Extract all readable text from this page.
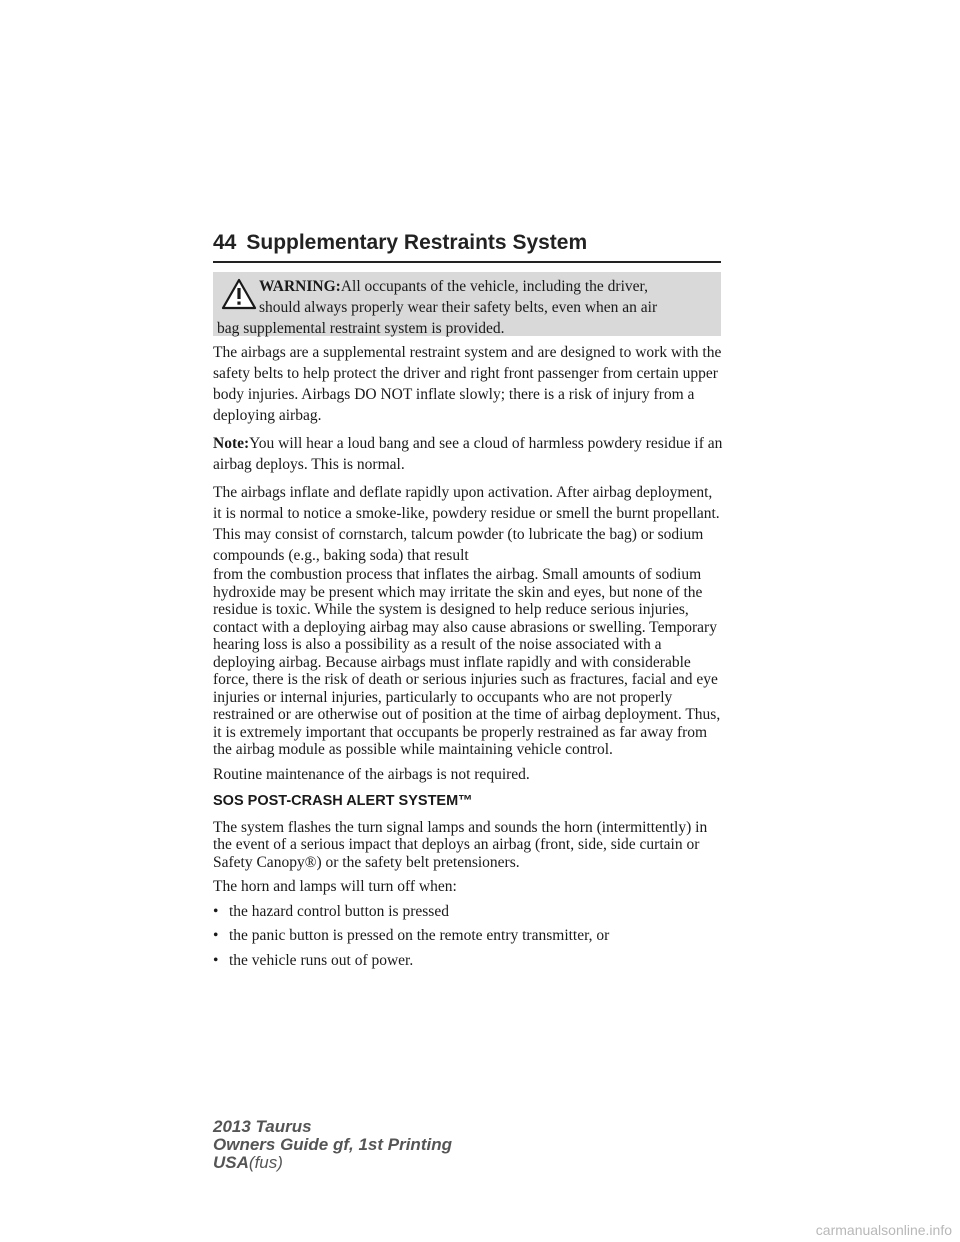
44 Supplementary Restraints System
WARNING:All occupants of the vehicle, including the driver,
should always properly wear their safety belts, even when an air
bag supplemental restraint system is provided.

The airbags are a supplemental restraint system and are designed to work with the safety belts to help protect the driver and right front passenger from certain upper body injuries. Airbags DO NOT inflate slowly; there is a risk of injury from a deploying airbag.

Note:You will hear a loud bang and see a cloud of harmless powdery residue if an airbag deploys. This is normal.

The airbags inflate and deflate rapidly upon activation. After airbag deployment, it is normal to notice a smoke-like, powdery residue or smell the burnt propellant. This may consist of cornstarch, talcum powder (to lubricate the bag) or sodium compounds (e.g., baking soda) that result
from the combustion process that inflates the airbag. Small amounts of sodium hydroxide may be present which may irritate the skin and eyes, but none of the residue is toxic. While the system is designed to help reduce serious injuries, contact with a deploying airbag may also cause abrasions or swelling. Temporary hearing loss is also a possibility as a result of the noise associated with a deploying airbag. Because airbags must inflate rapidly and with considerable force, there is the risk of death or serious injuries such as fractures, facial and eye injuries or internal injuries, particularly to occupants who are not properly restrained or are otherwise out of position at the time of airbag deployment. Thus, it is extremely important that occupants be properly restrained as far away from the airbag module as possible while maintaining vehicle control.

Routine maintenance of the airbags is not required.

SOS POST-CRASH ALERT SYSTEM™

The system flashes the turn signal lamps and sounds the horn (intermittently) in the event of a serious impact that deploys an airbag (front, side, side curtain or Safety Canopy®) or the safety belt pretensioners.

The horn and lamps will turn off when:

• the hazard control button is pressed
• the panic button is pressed on the remote entry transmitter, or
• the vehicle runs out of power.
2013 Taurus
Owners Guide gf, 1st Printing
USA(fus)
carmanualsonline.info
